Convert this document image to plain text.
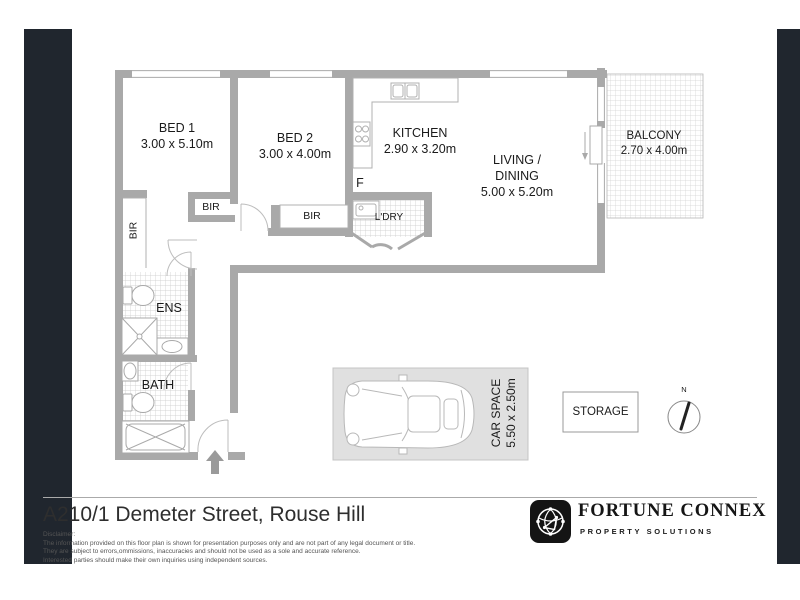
BED 1
3.00 x 5.10m	BED 2
3.00 x 4.00m
KITCHEN
2.90 x 3.20m
LIVING /
DINING
5.00 x 5.20m
BALCONY
2.70 x 4.00m
BIR
BIR
BIR
F
L'DRY
ENS
BATH	CAR SPACE 5.50 x 2.50m	STORAGE
N
A210/1 Demeter Street, Rouse Hill
Disclaimer:
The information provided on this floor plan is shown for presentation purposes only and are not part of any legal document or title.
They are subject to errors,ommissions, inaccuracies and should not be used as a sole and accurate reference.
Interested parties should make their own inquiries using independent sources.
FORTUNE CONNEX
PROPERTY SOLUTIONS
